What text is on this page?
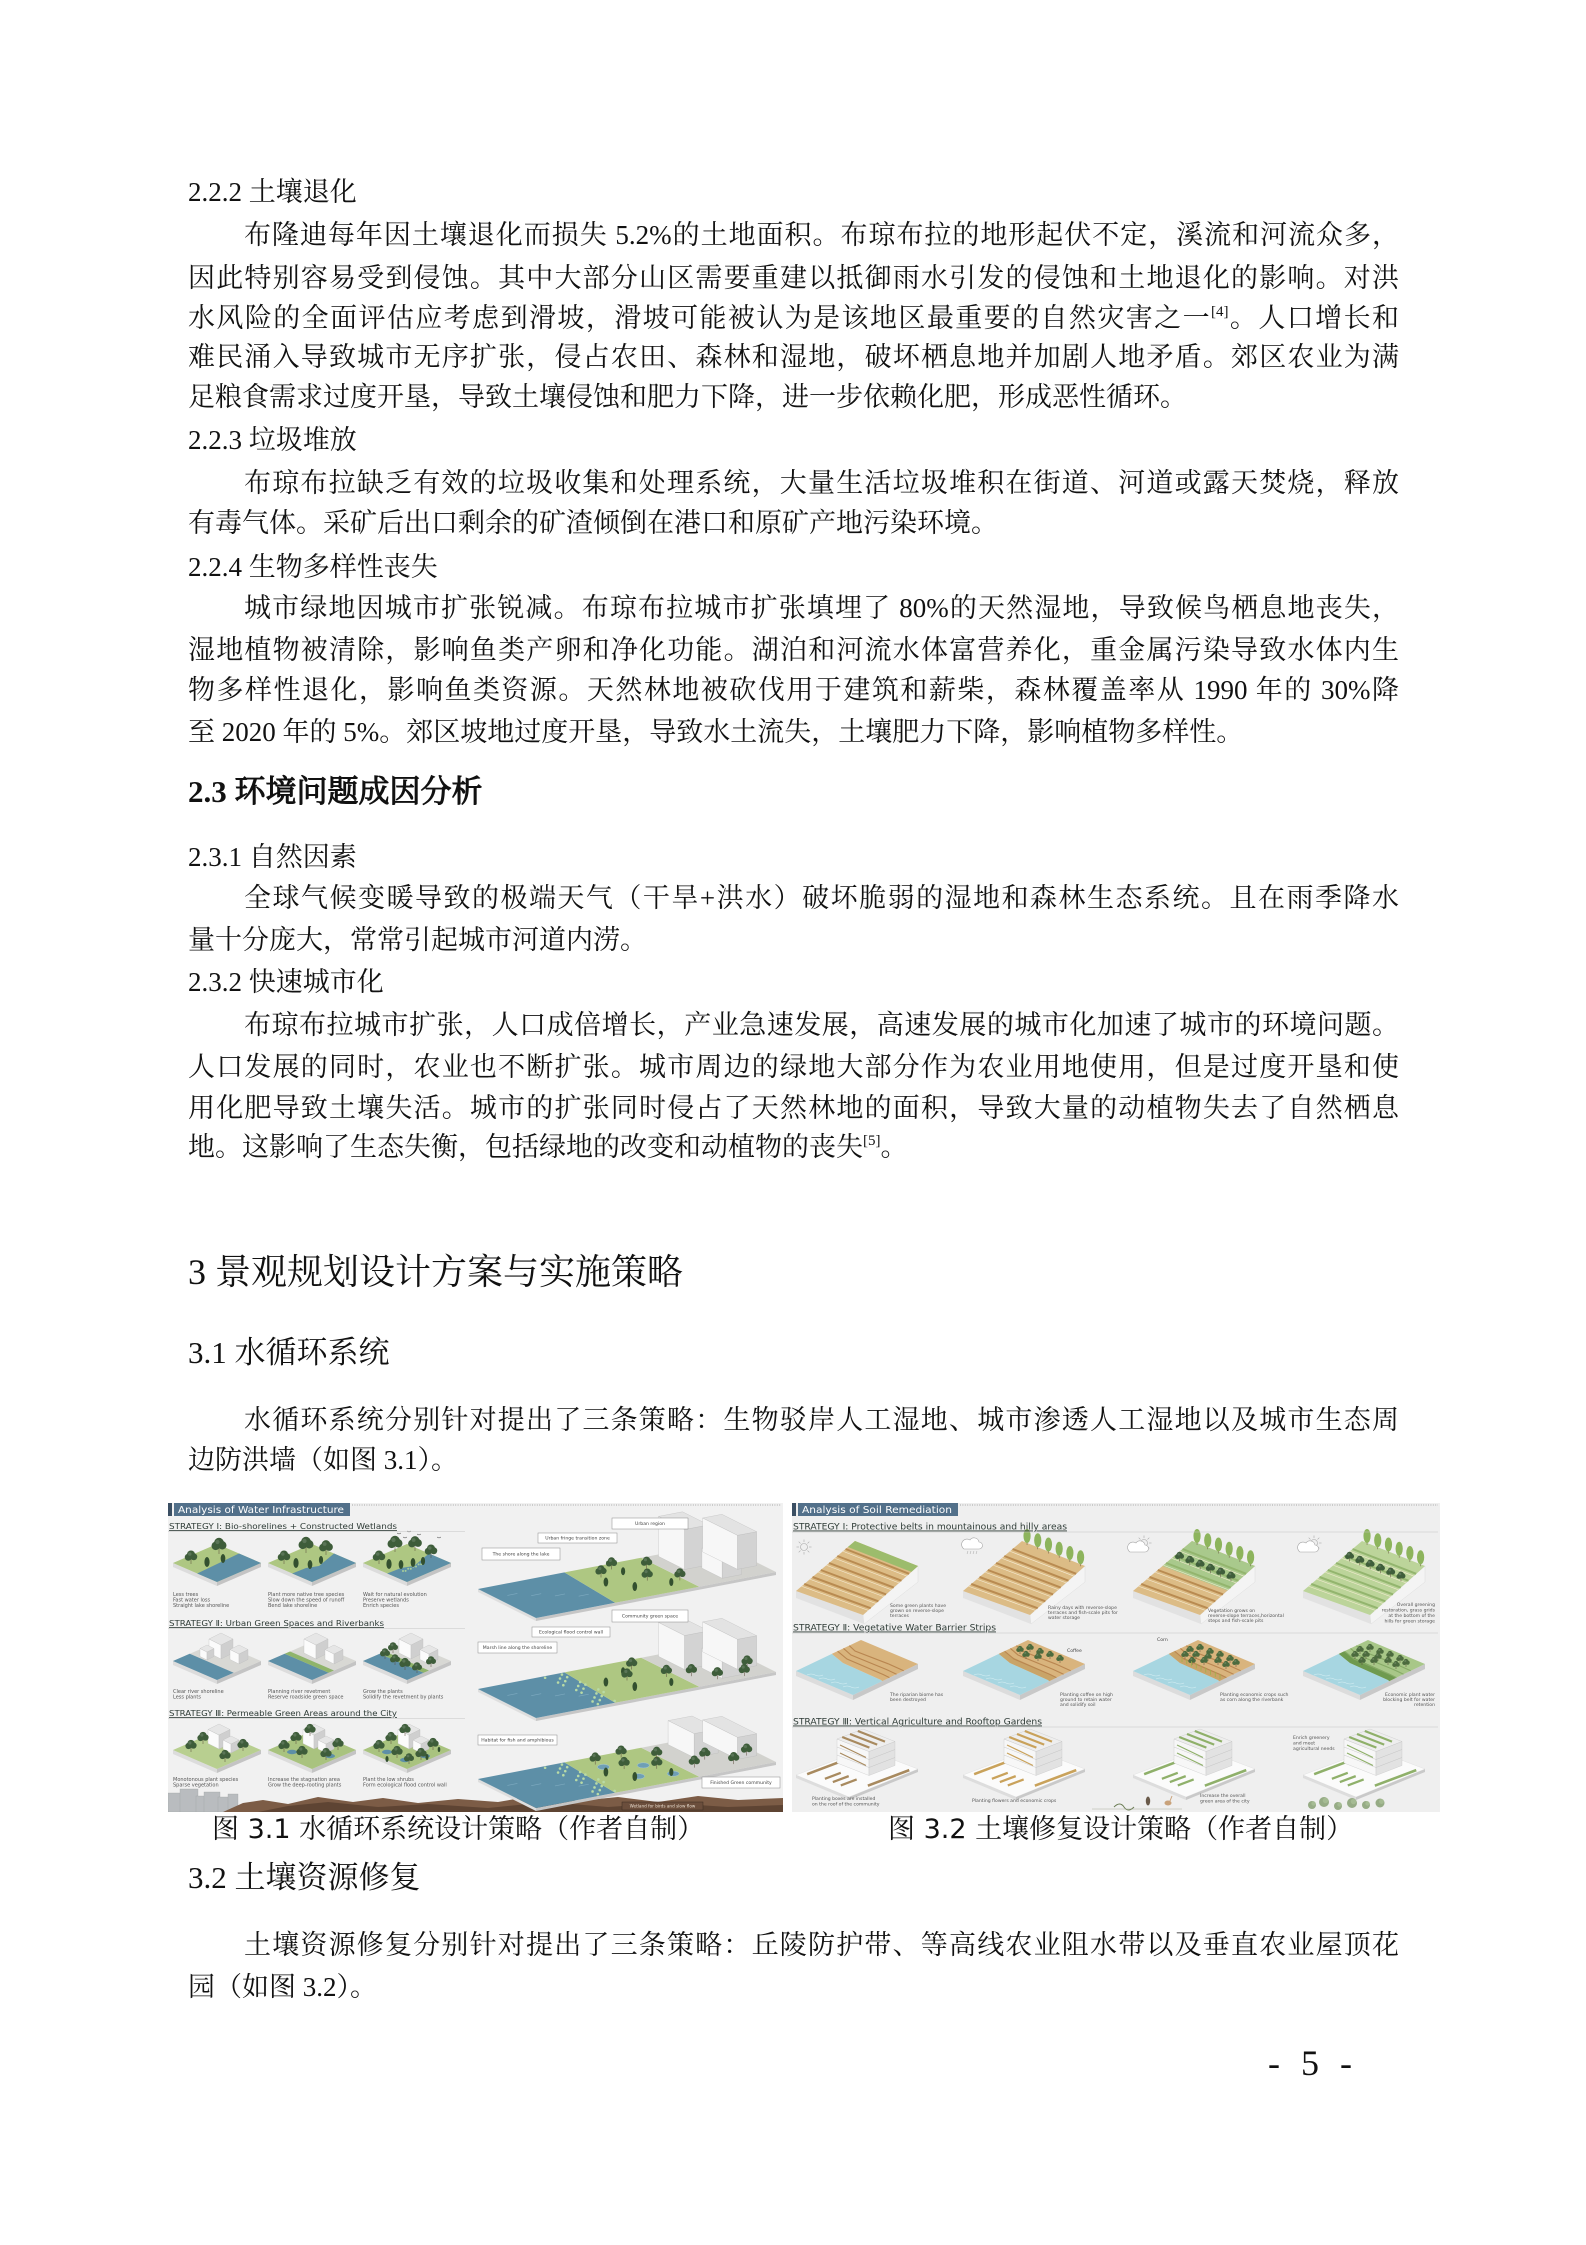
2.2.2 土壤退化
布隆迪每年因土壤退化而损失 5.2%的土地面积。布琼布拉的地形起伏不定，溪流和河流众多，
因此特别容易受到侵蚀。其中大部分山区需要重建以抵御雨水引发的侵蚀和土地退化的影响。对洪
水风险的全面评估应考虑到滑坡，滑坡可能被认为是该地区最重要的自然灾害之一[4]。人口增长和
难民涌入导致城市无序扩张，侵占农田、森林和湿地，破坏栖息地并加剧人地矛盾。郊区农业为满
足粮食需求过度开垦，导致土壤侵蚀和肥力下降，进一步依赖化肥，形成恶性循环。
2.2.3 垃圾堆放
布琼布拉缺乏有效的垃圾收集和处理系统，大量生活垃圾堆积在街道、河道或露天焚烧，释放
有毒气体。采矿后出口剩余的矿渣倾倒在港口和原矿产地污染环境。
2.2.4 生物多样性丧失
城市绿地因城市扩张锐减。布琼布拉城市扩张填埋了 80%的天然湿地，导致候鸟栖息地丧失，
湿地植物被清除，影响鱼类产卵和净化功能。湖泊和河流水体富营养化，重金属污染导致水体内生
物多样性退化，影响鱼类资源。天然林地被砍伐用于建筑和薪柴，森林覆盖率从 1990 年的 30%降
至 2020 年的 5%。郊区坡地过度开垦，导致水土流失，土壤肥力下降，影响植物多样性。
2.3 环境问题成因分析
2.3.1 自然因素
全球气候变暖导致的极端天气（干旱+洪水）破坏脆弱的湿地和森林生态系统。且在雨季降水
量十分庞大，常常引起城市河道内涝。
2.3.2 快速城市化
布琼布拉城市扩张，人口成倍增长，产业急速发展，高速发展的城市化加速了城市的环境问题。
人口发展的同时，农业也不断扩张。城市周边的绿地大部分作为农业用地使用，但是过度开垦和使
用化肥导致土壤失活。城市的扩张同时侵占了天然林地的面积，导致大量的动植物失去了自然栖息
地。这影响了生态失衡，包括绿地的改变和动植物的丧失[5]。
3 景观规划设计方案与实施策略
3.1 水循环系统
水循环系统分别针对提出了三条策略：生物驳岸人工湿地、城市渗透人工湿地以及城市生态周
边防洪墙（如图 3.1）。
Analysis of Water Infrastructure
STRATEGY Ⅰ: Bio-shorelines + Constructed Wetlands
STRATEGY Ⅱ: Urban Green Spaces and Riverbanks
STRATEGY Ⅲ: Permeable Green Areas around the City
Less trees Fast water loss Straight lake shoreline
Plant more native tree species Slow down the speed of runoff Bend lake shoreline
Wait for natural evolution Preserve wetlands Enrich species
Clear river shoreline Less plants
Planning river revetment Reserve roadside green space
Grow the plants Solidify the revetment by plants
Monotonous plant species Sparse vegetation
Increase the stagnation area Grow the deep-rooting plants
Plant the low shrubs Form ecological flood control wall
Urban region
Urban fringe transition zone
The shore along the lake
Community green space
Ecological flood control wall
Marsh line along the shoreline
Habitat for fish and amphibious
Finished Green community
Wetland for birds and slow flow
Analysis of Soil Remediation
STRATEGY Ⅰ: Protective belts in mountainous and hilly areas
STRATEGY Ⅱ: Vegetative Water Barrier Strips
STRATEGY Ⅲ: Vertical Agriculture and Rooftop Gardens
Some green plants have grown on reverse-slope terraces
Rainy days with reverse-slope terraces and fish-scale pits for water storage
Vegetation grows on reverse-slope terraces,horizontal steps and fish-scale pits
Overall greening restoration, grass grids at the bottom of the hills for green storage
The riparian biome has been destroyed
Planting coffee on high ground to retain water and solidify soil
Planting economic crops such as corn along the riverbank
Economic plant water blocking belt for water retention
Coffee
Corn
Planting boxes are installed on the roof of the community
Planting flowers and economic crops
Increase the overall green area of the city
Enrich greenery and meet agricultural needs
图 3.1 水循环系统设计策略（作者自制）	图 3.2 土壤修复设计策略（作者自制）
3.2 土壤资源修复
土壤资源修复分别针对提出了三条策略：丘陵防护带、等高线农业阻水带以及垂直农业屋顶花
园（如图 3.2）。
- 5 -
